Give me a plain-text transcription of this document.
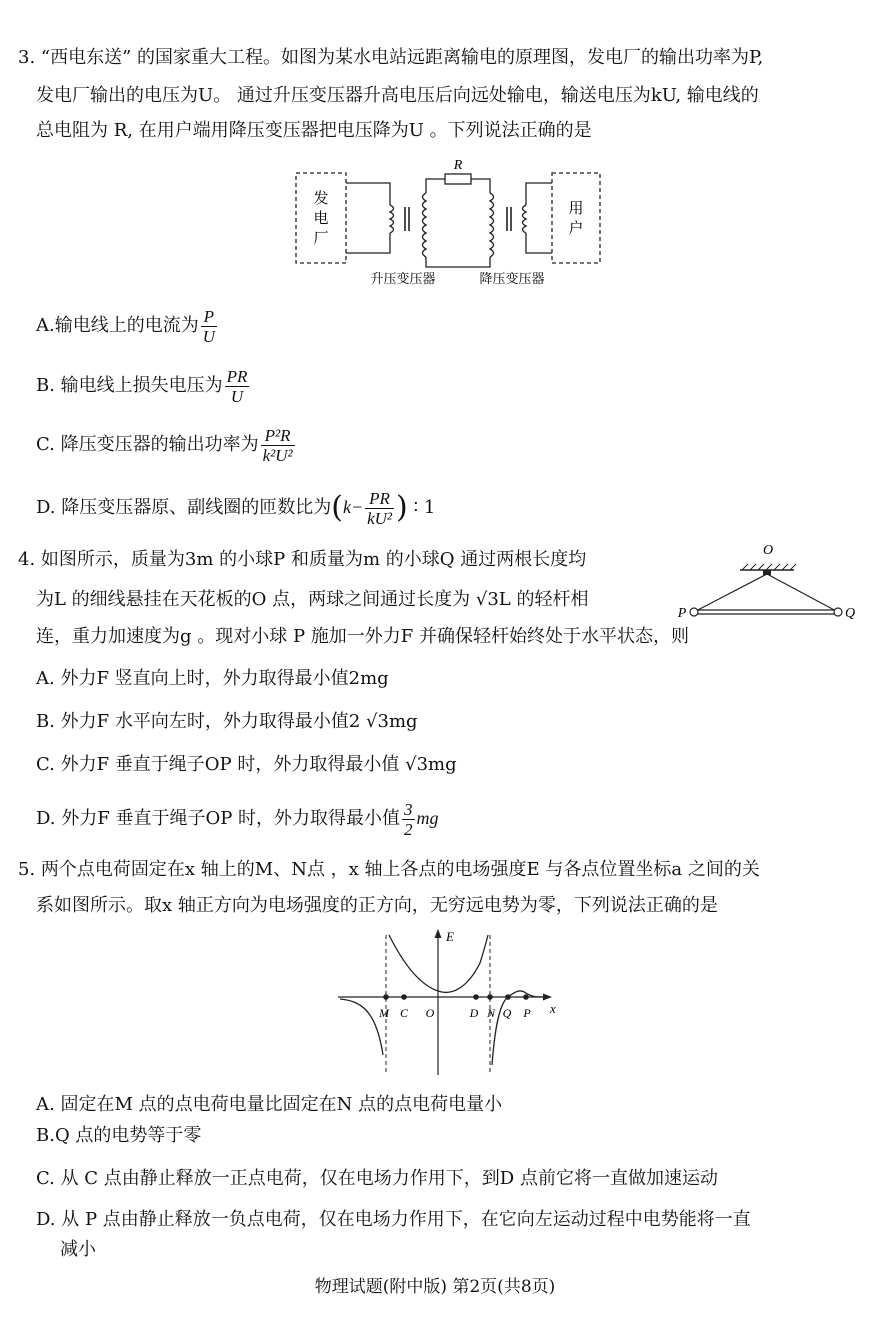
3. “西电东送” 的国家重大工程。如图为某水电站远距离输电的原理图，发电厂的输出功率为P,
发电厂输出的电压为U。 通过升压变压器升高电压后向远处输电，输送电压为kU, 输电线的
总电阻为 R, 在用户端用降压变压器把电压降为U 。下列说法正确的是
发
电
厂
R
用
户
升压变压器	降压变压器
A.输电线上的电流为 $\frac{P}{U}$
B. 输电线上损失电压为 $\frac{PR}{U}$
C. 降压变压器的输出功率为 $\frac{\text{P²R}}{\text{k²U²}}$
D. 降压变压器原、副线圈的匝数比为($k- \frac{PR}{\text{kU²}}$ ) ∶ 1
4. 如图所示，质量为3m 的小球P 和质量为m 的小球Q 通过两根长度均
为L 的细线悬挂在天花板的O 点，两球之间通过长度为 √3L 的轻杆相
连，重力加速度为g 。现对小球 P 施加一外力F 并确保轻杆始终处于水平状态，则
O
P	Q
A. 外力F 竖直向上时，外力取得最小值2mg
B. 外力F 水平向左时，外力取得最小值2 √3mg
C. 外力F 垂直于绳子OP 时，外力取得最小值 √3mg
D. 外力F 垂直于绳子OP 时，外力取得最小值 $\frac{3}{2}$ mg
5. 两个点电荷固定在x 轴上的M、N点 ，x 轴上各点的电场强度E 与各点位置坐标a 之间的关
系如图所示。取x 轴正方向为电场强度的正方向，无穷远电势为零，下列说法正确的是
E
x
M C O	D N Q P
A. 固定在M 点的点电荷电量比固定在N 点的点电荷电量小
B.Q 点的电势等于零
C. 从 C 点由静止释放一正点电荷，仅在电场力作用下，到D 点前它将一直做加速运动
D. 从 P 点由静止释放一负点电荷，仅在电场力作用下，在它向左运动过程中电势能将一直
减小
物理试题(附中版) 第2页(共8页)
